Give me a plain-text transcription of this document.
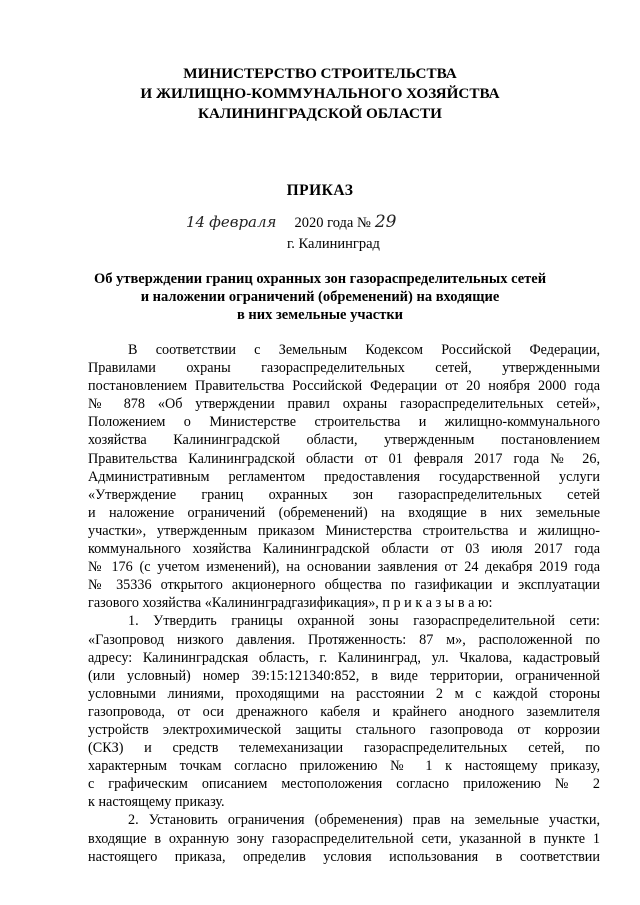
МИНИСТЕРСТВО СТРОИТЕЛЬСТВА
И ЖИЛИЩНО-КОММУНАЛЬНОГО ХОЗЯЙСТВА
КАЛИНИНГРАДСКОЙ ОБЛАСТИ
ПРИКАЗ
14 февраля 2020 года № 29
г. Калининград
Об утверждении границ охранных зон газораспределительных сетей
и наложении ограничений (обременений) на входящие
в них земельные участки
В соответствии с Земельным Кодексом Российской Федерации,
Правилами охраны газораспределительных сетей, утвержденными
постановлением Правительства Российской Федерации от 20 ноября 2000 года
№ 878 «Об утверждении правил охраны газораспределительных сетей»,
Положением о Министерстве строительства и жилищно-коммунального
хозяйства Калининградской области, утвержденным постановлением
Правительства Калининградской области от 01 февраля 2017 года № 26,
Административным регламентом предоставления государственной услуги
«Утверждение границ охранных зон газораспределительных сетей
и наложение ограничений (обременений) на входящие в них земельные
участки», утвержденным приказом Министерства строительства и жилищно-
коммунального хозяйства Калининградской области от 03 июля 2017 года
№ 176 (с учетом изменений), на основании заявления от 24 декабря 2019 года
№ 35336 открытого акционерного общества по газификации и эксплуатации
газового хозяйства «Калининградгазификация», п р и к а з ы в а ю:
1. Утвердить границы охранной зоны газораспределительной сети:
«Газопровод низкого давления. Протяженность: 87 м», расположенной по
адресу: Калининградская область, г. Калининград, ул. Чкалова, кадастровый
(или условный) номер 39:15:121340:852, в виде территории, ограниченной
условными линиями, проходящими на расстоянии 2 м с каждой стороны
газопровода, от оси дренажного кабеля и крайнего анодного заземлителя
устройств электрохимической защиты стального газопровода от коррозии
(СКЗ) и средств телемеханизации газораспределительных сетей, по
характерным точкам согласно приложению № 1 к настоящему приказу,
с графическим описанием местоположения согласно приложению № 2
к настоящему приказу.
2. Установить ограничения (обременения) прав на земельные участки,
входящие в охранную зону газораспределительной сети, указанной в пункте 1
настоящего приказа, определив условия использования в соответствии
